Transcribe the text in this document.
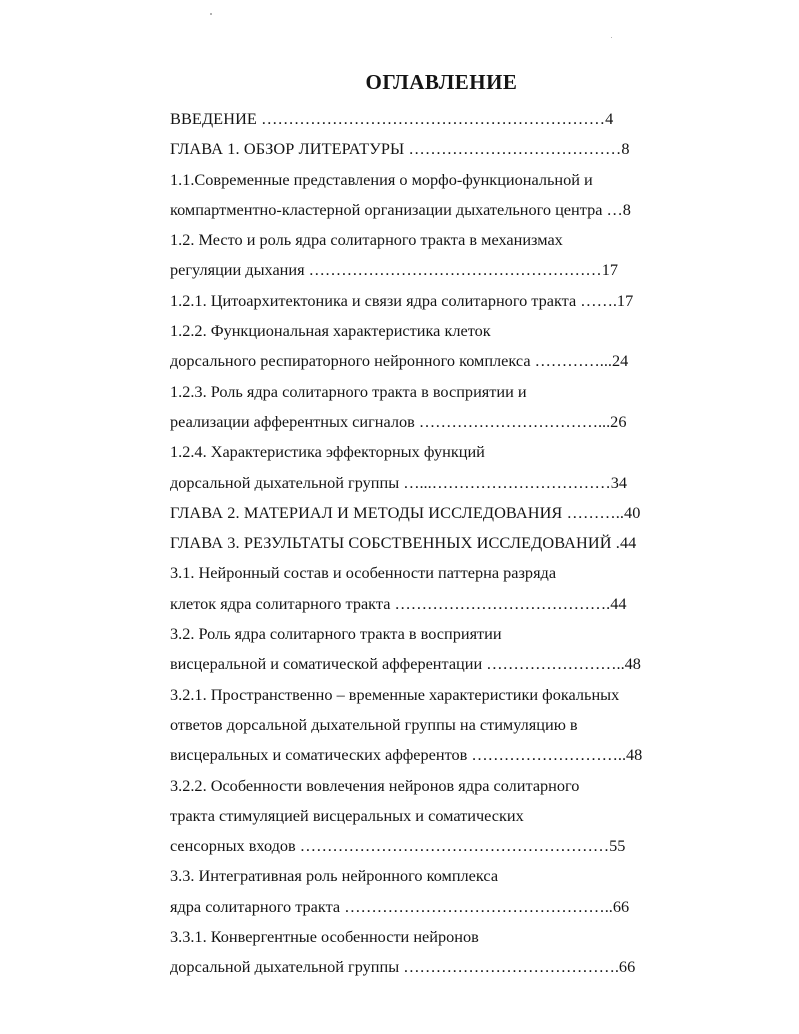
ОГЛАВЛЕНИЕ
ВВЕДЕНИЕ ………………………………………………………4
ГЛАВА 1. ОБЗОР ЛИТЕРАТУРЫ …………………………………8
1.1.Современные представления о морфо-функциональной и
компартментно-кластерной организации дыхательного центра …8
1.2. Место и роль ядра солитарного тракта в механизмах
регуляции дыхания ………………………………………………17
1.2.1. Цитоархитектоника и связи ядра солитарного тракта …….17
1.2.2. Функциональная характеристика клеток
дорсального респираторного нейронного комплекса …………...24
1.2.3. Роль ядра солитарного тракта в восприятии и
реализации афферентных сигналов ……………………………...26
1.2.4. Характеристика эффекторных функций
дорсальной дыхательной группы …...……………………………34
ГЛАВА 2. МАТЕРИАЛ И МЕТОДЫ ИССЛЕДОВАНИЯ ………..40
ГЛАВА 3. РЕЗУЛЬТАТЫ СОБСТВЕННЫХ ИССЛЕДОВАНИЙ .44
3.1. Нейронный состав и особенности паттерна разряда
клеток ядра солитарного тракта ………………………………….44
3.2. Роль ядра солитарного тракта в восприятии
висцеральной и соматической афферентации ……………………..48
3.2.1. Пространственно – временные характеристики фокальных
ответов дорсальной дыхательной группы на стимуляцию в
висцеральных и соматических афферентов ………………………..48
3.2.2. Особенности вовлечения нейронов ядра солитарного
тракта стимуляцией висцеральных и соматических
сенсорных входов …………………………………………………55
3.3. Интегративная роль нейронного комплекса
ядра солитарного тракта …………………………………………..66
3.3.1. Конвергентные особенности нейронов
дорсальной дыхательной группы ………………………………….66
